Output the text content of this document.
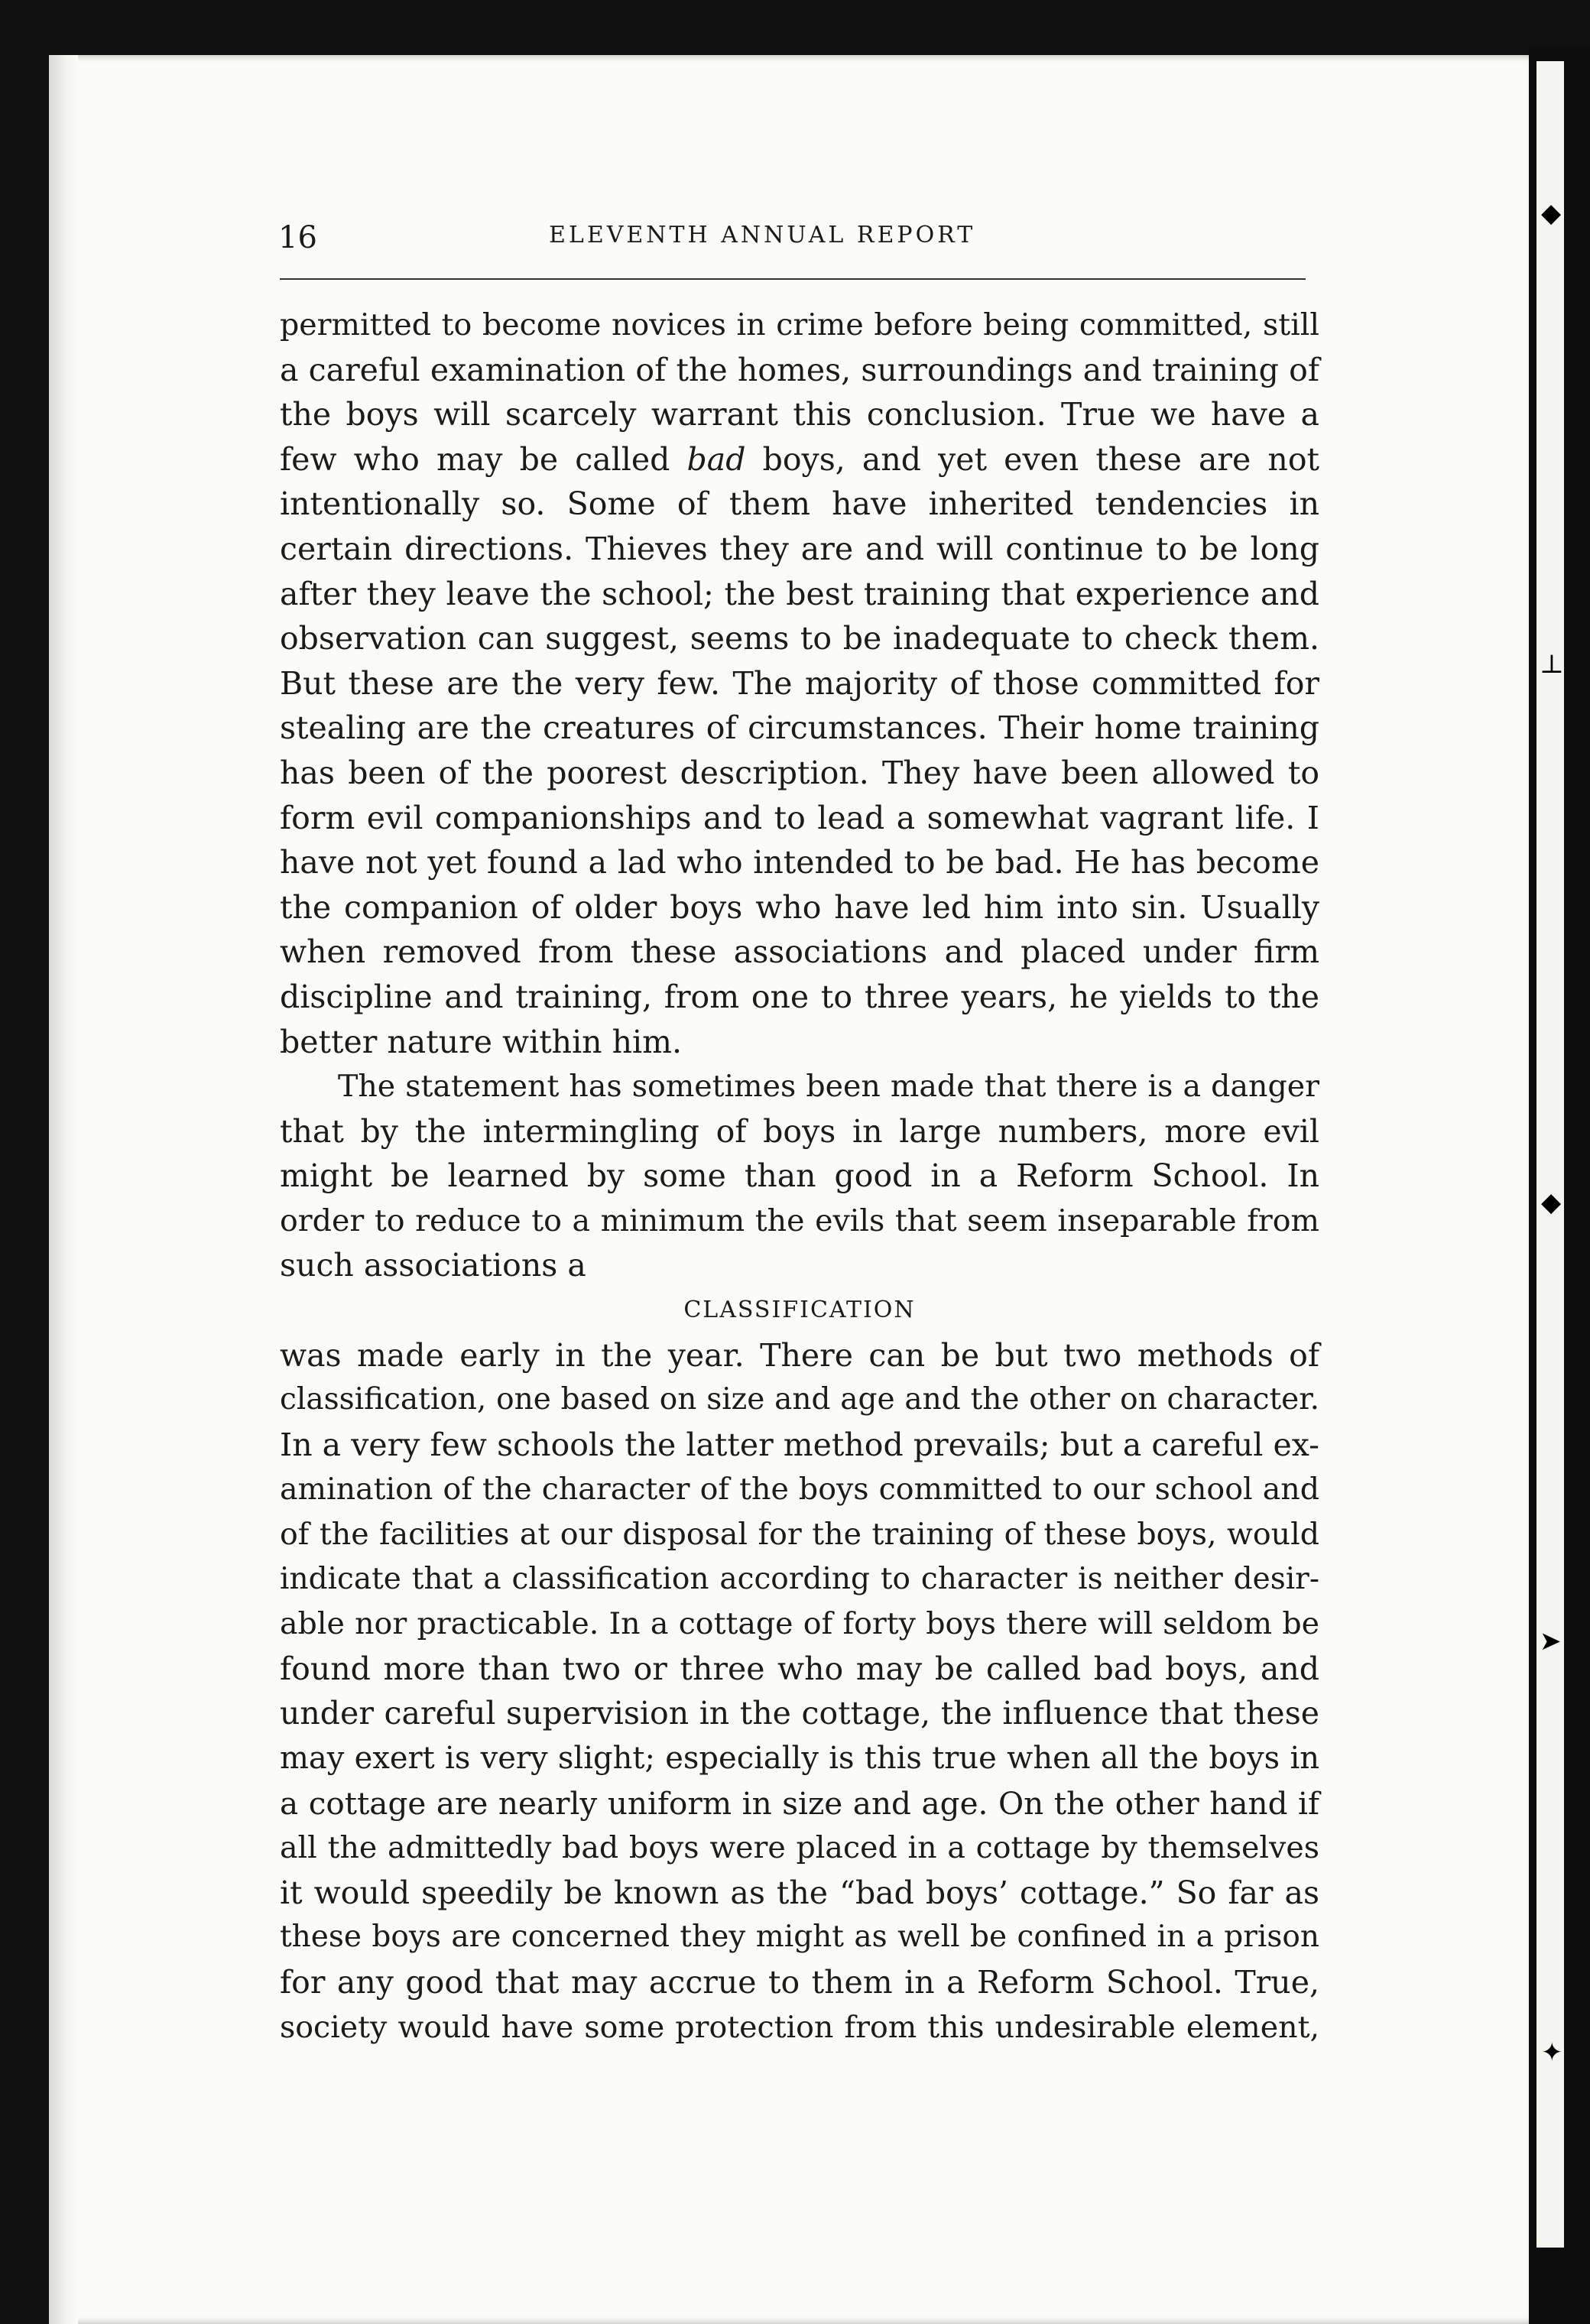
◆
⊥
◆
➤
✦
16	ELEVENTH ANNUAL REPORT
permitted to become novices in crime before being committed, still
a careful examination of the homes, surroundings and training of
the boys will scarcely warrant this conclusion. True we have a
few who may be called bad boys, and yet even these are not
intentionally so. Some of them have inherited tendencies in
certain directions. Thieves they are and will continue to be long
after they leave the school; the best training that experience and
observation can suggest, seems to be inadequate to check them.
But these are the very few. The majority of those committed for
stealing are the creatures of circumstances. Their home training
has been of the poorest description. They have been allowed to
form evil companionships and to lead a somewhat vagrant life. I
have not yet found a lad who intended to be bad. He has become
the companion of older boys who have led him into sin. Usually
when removed from these associations and placed under firm
discipline and training, from one to three years, he yields to the
better nature within him.
The statement has sometimes been made that there is a danger
that by the intermingling of boys in large numbers, more evil
might be learned by some than good in a Reform School. In
order to reduce to a minimum the evils that seem inseparable from
such associations a
CLASSIFICATION
was made early in the year. There can be but two methods of
classification, one based on size and age and the other on character.
In a very few schools the latter method prevails; but a careful ex-
amination of the character of the boys committed to our school and
of the facilities at our disposal for the training of these boys, would
indicate that a classification according to character is neither desir-
able nor practicable. In a cottage of forty boys there will seldom be
found more than two or three who may be called bad boys, and
under careful supervision in the cottage, the influence that these
may exert is very slight; especially is this true when all the boys in
a cottage are nearly uniform in size and age. On the other hand if
all the admittedly bad boys were placed in a cottage by themselves
it would speedily be known as the “bad boys’ cottage.” So far as
these boys are concerned they might as well be confined in a prison
for any good that may accrue to them in a Reform School. True,
society would have some protection from this undesirable element,
